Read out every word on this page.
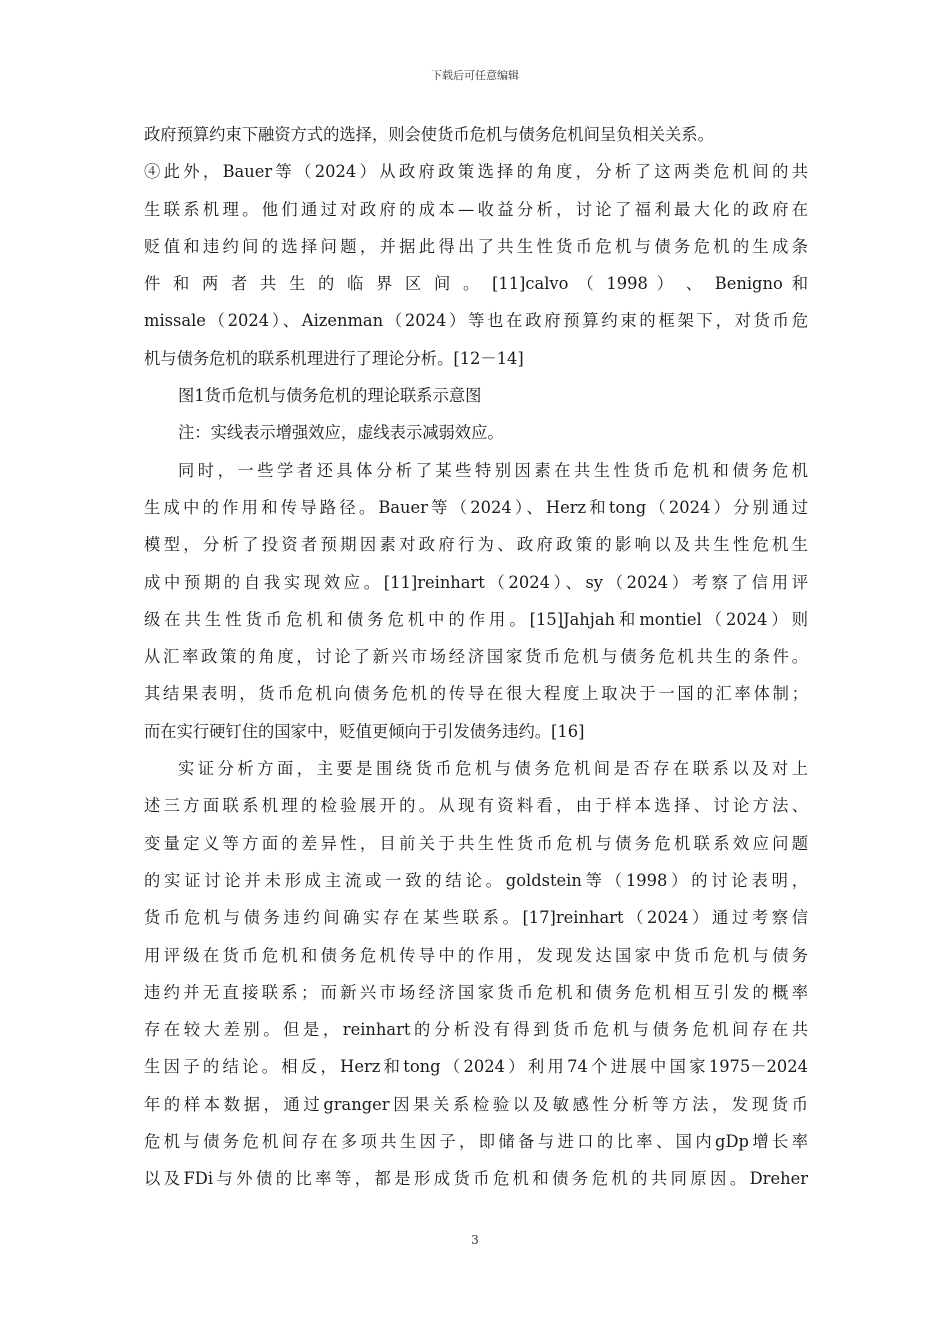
下载后可任意编辑
政府预算约束下融资方式的选择，则会使货币危机与债务危机间呈负相关关系。
④此外，Bauer等（2024）从政府政策选择的角度，分析了这两类危机间的共
生联系机理。他们通过对政府的成本—收益分析，讨论了福利最大化的政府在
贬值和违约间的选择问题，并据此得出了共生性货币危机与债务危机的生成条
件 和 两 者 共 生 的 临 界 区 间 。 [11]calvo （ 1998 ） 、 Benigno 和
missale（2024）、Aizenman（2024）等也在政府预算约束的框架下，对货币危
机与债务危机的联系机理进行了理论分析。[12－14]
图1货币危机与债务危机的理论联系示意图
注：实线表示增强效应，虚线表示减弱效应。
同时，一些学者还具体分析了某些特别因素在共生性货币危机和债务危机
生成中的作用和传导路径。Bauer等（2024）、Herz和tong（2024）分别通过
模型，分析了投资者预期因素对政府行为、政府政策的影响以及共生性危机生
成中预期的自我实现效应。[11]reinhart（2024）、sy（2024）考察了信用评
级在共生性货币危机和债务危机中的作用。[15]Jahjah和montiel（2024）则
从汇率政策的角度，讨论了新兴市场经济国家货币危机与债务危机共生的条件。
其结果表明，货币危机向债务危机的传导在很大程度上取决于一国的汇率体制；
而在实行硬钉住的国家中，贬值更倾向于引发债务违约。[16]
实证分析方面，主要是围绕货币危机与债务危机间是否存在联系以及对上
述三方面联系机理的检验展开的。从现有资料看，由于样本选择、讨论方法、
变量定义等方面的差异性，目前关于共生性货币危机与债务危机联系效应问题
的实证讨论并未形成主流或一致的结论。goldstein等（1998）的讨论表明，
货币危机与债务违约间确实存在某些联系。[17]reinhart（2024）通过考察信
用评级在货币危机和债务危机传导中的作用，发现发达国家中货币危机与债务
违约并无直接联系；而新兴市场经济国家货币危机和债务危机相互引发的概率
存在较大差别。但是，reinhart的分析没有得到货币危机与债务危机间存在共
生因子的结论。相反，Herz和tong（2024）利用74个进展中国家1975－2024
年的样本数据，通过granger因果关系检验以及敏感性分析等方法，发现货币
危机与债务危机间存在多项共生因子，即储备与进口的比率、国内gDp增长率
以及FDi与外债的比率等，都是形成货币危机和债务危机的共同原因。Dreher
3
